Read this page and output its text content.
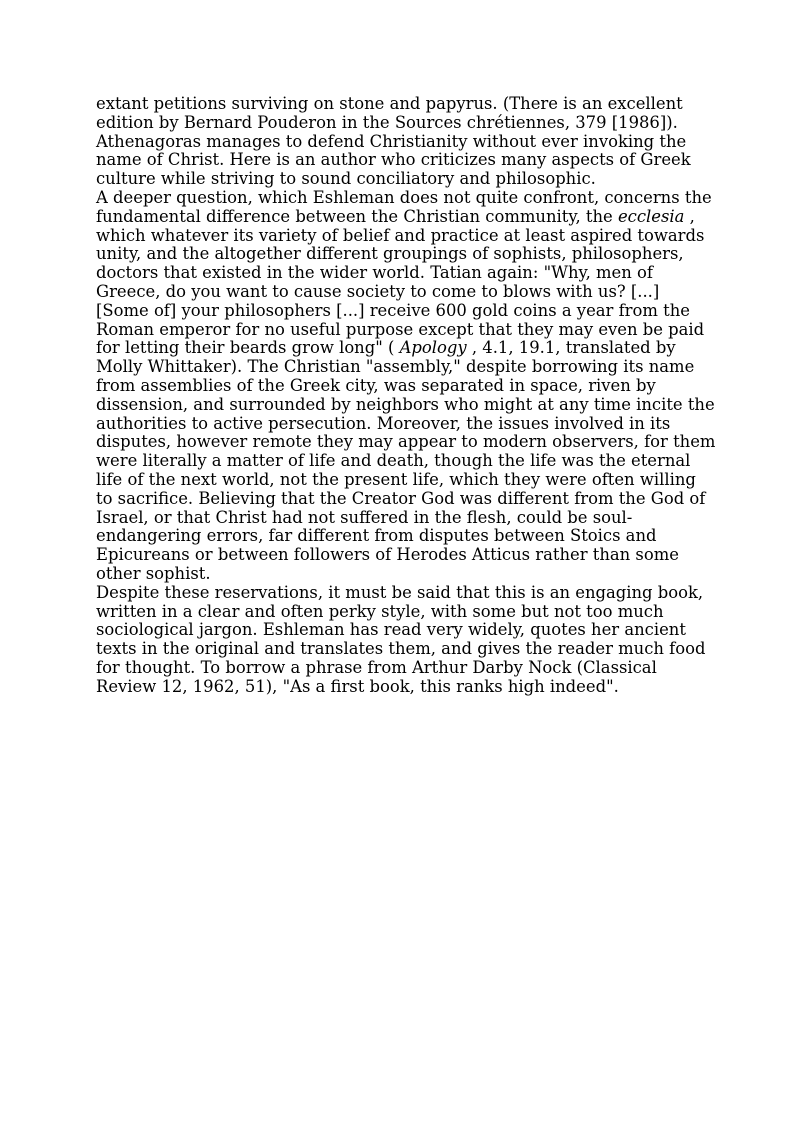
extant petitions surviving on stone and papyrus. (There is an excellent edition by Bernard Pouderon in the Sources chrétiennes, 379 [1986]). Athenagoras manages to defend Christianity without ever invoking the name of Christ. Here is an author who criticizes many aspects of Greek culture while striving to sound conciliatory and philosophic.

A deeper question, which Eshleman does not quite confront, concerns the fundamental difference between the Christian community, the ecclesia , which whatever its variety of belief and practice at least aspired towards unity, and the altogether different groupings of sophists, philosophers, doctors that existed in the wider world. Tatian again: "Why, men of Greece, do you want to cause society to come to blows with us? [...] [Some of] your philosophers [...] receive 600 gold coins a year from the Roman emperor for no useful purpose except that they may even be paid for letting their beards grow long" ( Apology , 4.1, 19.1, translated by Molly Whittaker). The Christian "assembly," despite borrowing its name from assemblies of the Greek city, was separated in space, riven by dissension, and surrounded by neighbors who might at any time incite the authorities to active persecution. Moreover, the issues involved in its disputes, however remote they may appear to modern observers, for them were literally a matter of life and death, though the life was the eternal life of the next world, not the present life, which they were often willing to sacrifice. Believing that the Creator God was different from the God of Israel, or that Christ had not suffered in the flesh, could be soul-endangering errors, far different from disputes between Stoics and Epicureans or between followers of Herodes Atticus rather than some other sophist.

Despite these reservations, it must be said that this is an engaging book, written in a clear and often perky style, with some but not too much sociological jargon. Eshleman has read very widely, quotes her ancient texts in the original and translates them, and gives the reader much food for thought. To borrow a phrase from Arthur Darby Nock (Classical Review 12, 1962, 51), "As a first book, this ranks high indeed".
